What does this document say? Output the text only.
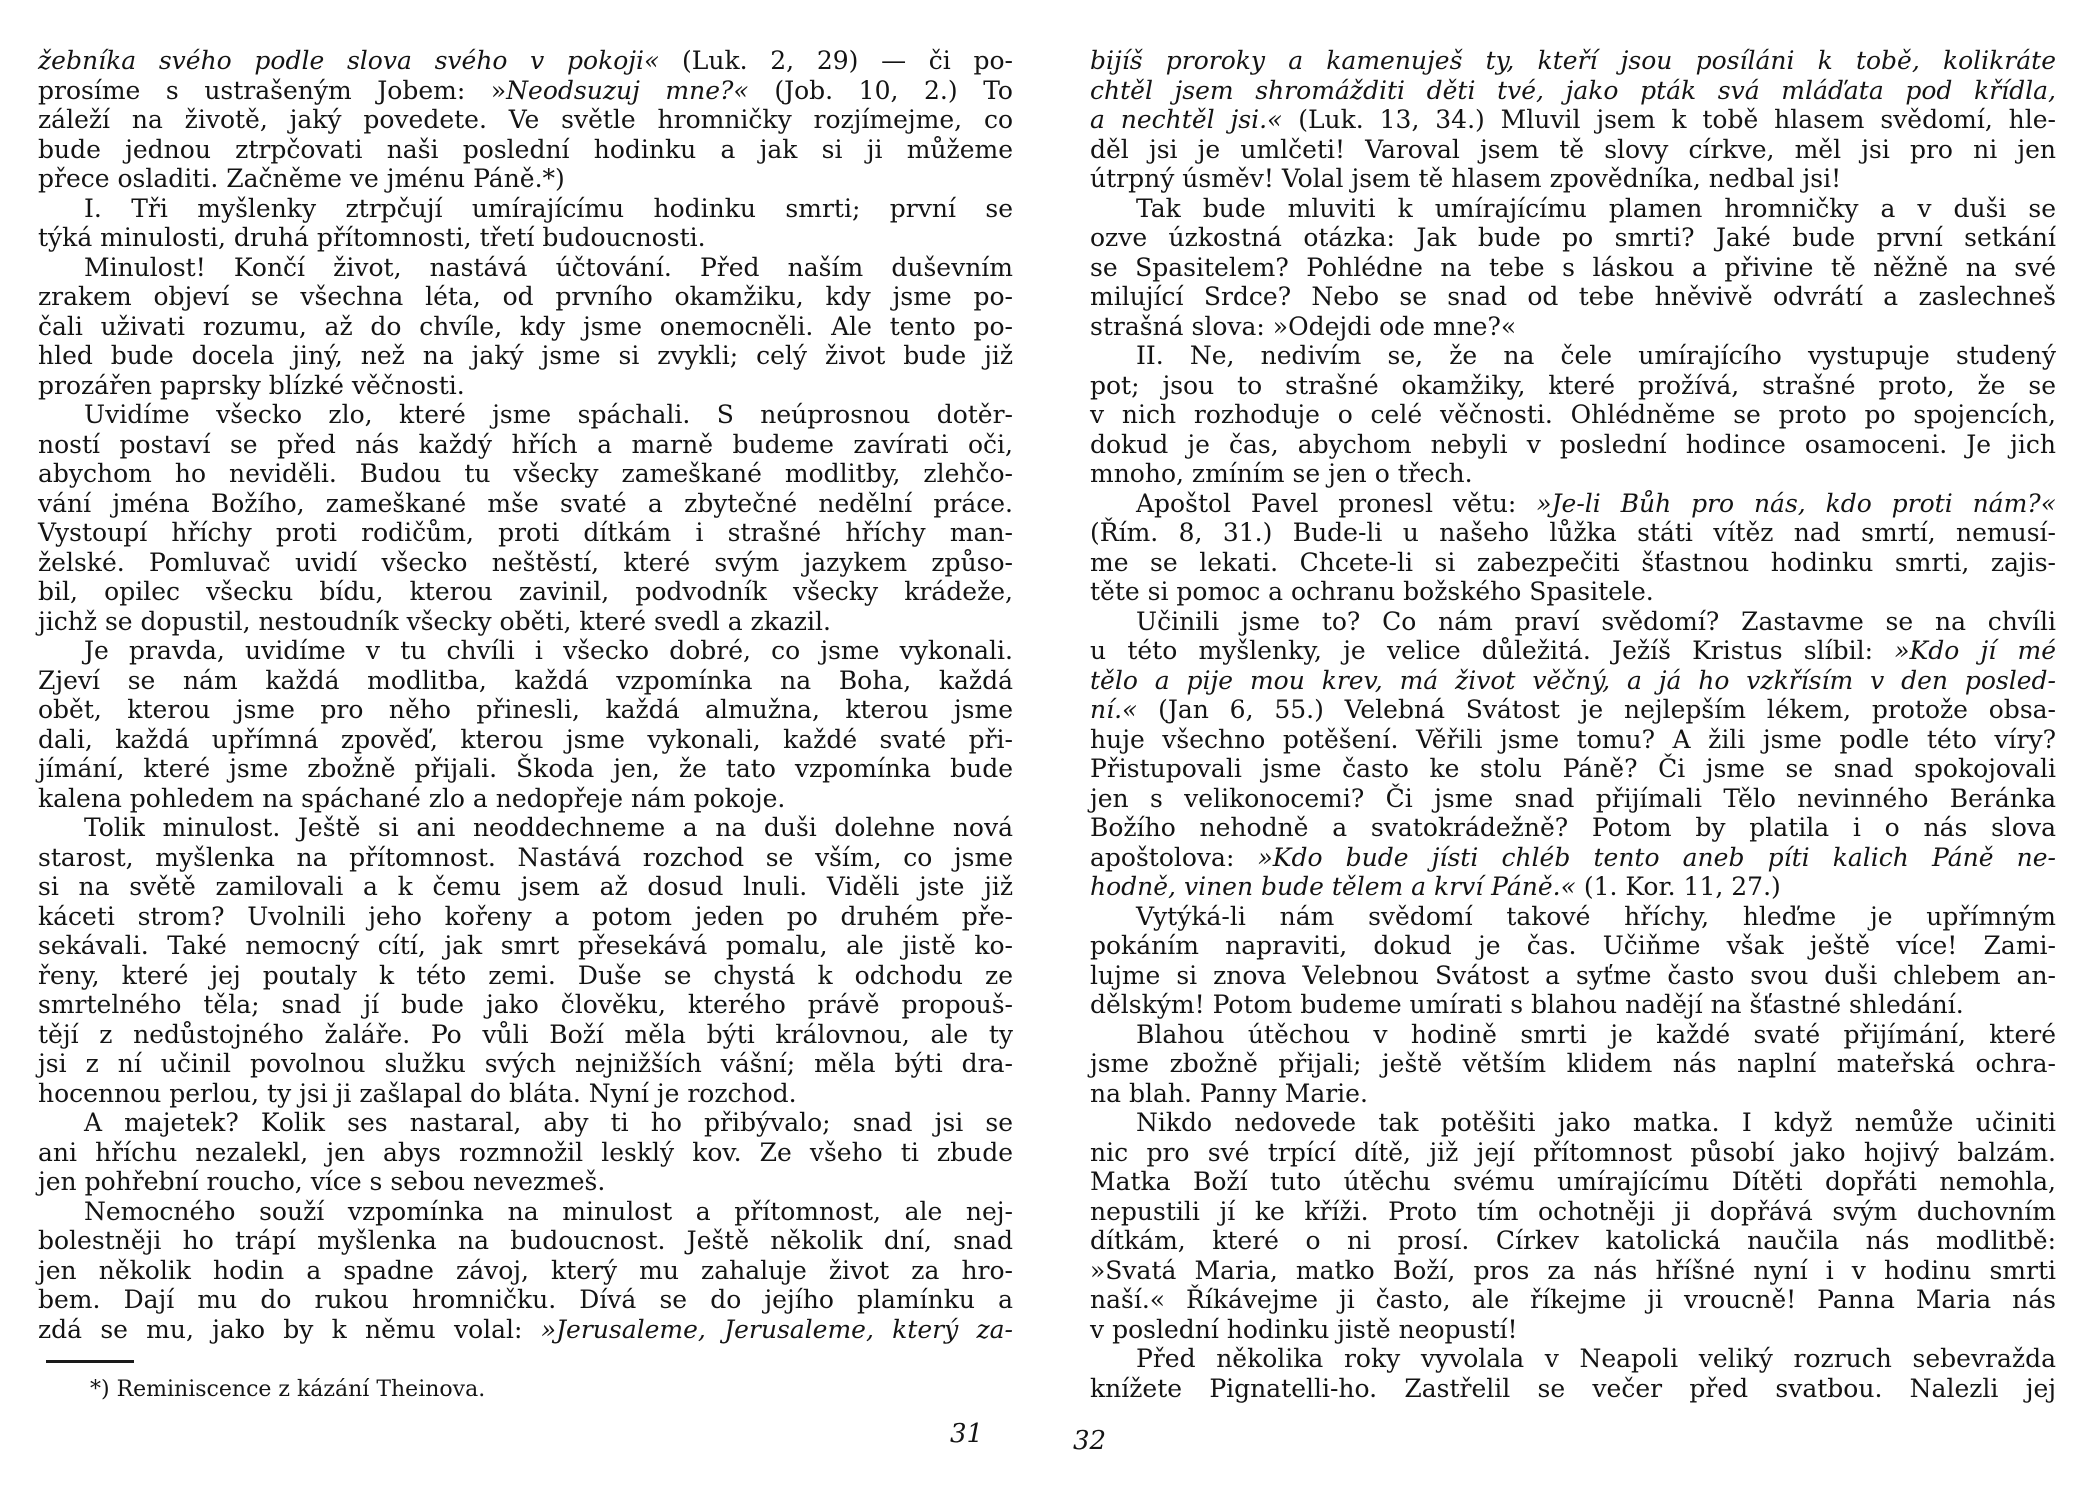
žebníka svého podle slova svého v pokoji« (Luk. 2, 29) — či po-
prosíme s ustrašeným Jobem: »Neodsuzuj mne?« (Job. 10, 2.) To
záleží na životě, jaký povedete. Ve světle hromničky rozjímejme, co
bude jednou ztrpčovati naši poslední hodinku a jak si ji můžeme
přece osladiti. Začněme ve jménu Páně.*)
I. Tři myšlenky ztrpčují umírajícímu hodinku smrti; první se
týká minulosti, druhá přítomnosti, třetí budoucnosti.
Minulost! Končí život, nastává účtování. Před naším duševním
zrakem objeví se všechna léta, od prvního okamžiku, kdy jsme po-
čali uživati rozumu, až do chvíle, kdy jsme onemocněli. Ale tento po-
hled bude docela jiný, než na jaký jsme si zvykli; celý život bude již
prozářen paprsky blízké věčnosti.
Uvidíme všecko zlo, které jsme spáchali. S neúprosnou dotěr-
ností postaví se před nás každý hřích a marně budeme zavírati oči,
abychom ho neviděli. Budou tu všecky zameškané modlitby, zlehčo-
vání jména Božího, zameškané mše svaté a zbytečné nedělní práce.
Vystoupí hříchy proti rodičům, proti dítkám i strašné hříchy man-
želské. Pomluvač uvidí všecko neštěstí, které svým jazykem způso-
bil, opilec všecku bídu, kterou zavinil, podvodník všecky krádeže,
jichž se dopustil, nestoudník všecky oběti, které svedl a zkazil.
Je pravda, uvidíme v tu chvíli i všecko dobré, co jsme vykonali.
Zjeví se nám každá modlitba, každá vzpomínka na Boha, každá
obět, kterou jsme pro něho přinesli, každá almužna, kterou jsme
dali, každá upřímná zpověď, kterou jsme vykonali, každé svaté při-
jímání, které jsme zbožně přijali. Škoda jen, že tato vzpomínka bude
kalena pohledem na spáchané zlo a nedopřeje nám pokoje.
Tolik minulost. Ještě si ani neoddechneme a na duši dolehne nová
starost, myšlenka na přítomnost. Nastává rozchod se vším, co jsme
si na světě zamilovali a k čemu jsem až dosud lnuli. Viděli jste již
káceti strom? Uvolnili jeho kořeny a potom jeden po druhém pře-
sekávali. Také nemocný cítí, jak smrt přesekává pomalu, ale jistě ko-
řeny, které jej poutaly k této zemi. Duše se chystá k odchodu ze
smrtelného těla; snad jí bude jako člověku, kterého právě propouš-
tějí z nedůstojného žaláře. Po vůli Boží měla býti královnou, ale ty
jsi z ní učinil povolnou služku svých nejnižších vášní; měla býti dra-
hocennou perlou, ty jsi ji zašlapal do bláta. Nyní je rozchod.
A majetek? Kolik ses nastaral, aby ti ho přibývalo; snad jsi se
ani hříchu nezalekl, jen abys rozmnožil lesklý kov. Ze všeho ti zbude
jen pohřební roucho, více s sebou nevezmeš.
Nemocného souží vzpomínka na minulost a přítomnost, ale nej-
bolestněji ho trápí myšlenka na budoucnost. Ještě několik dní, snad
jen několik hodin a spadne závoj, který mu zahaluje život za hro-
bem. Dají mu do rukou hromničku. Dívá se do jejího plamínku a
zdá se mu, jako by k němu volal: »Jerusaleme, Jerusaleme, který za-
*) Reminiscence z kázání Theinova.
bijíš proroky a kamenuješ ty, kteří jsou posíláni k tobě, kolikráte
chtěl jsem shromážditi děti tvé, jako pták svá mláďata pod křídla,
a nechtěl jsi.« (Luk. 13, 34.) Mluvil jsem k tobě hlasem svědomí, hle-
děl jsi je umlčeti! Varoval jsem tě slovy církve, měl jsi pro ni jen
útrpný úsměv! Volal jsem tě hlasem zpovědníka, nedbal jsi!
Tak bude mluviti k umírajícímu plamen hromničky a v duši se
ozve úzkostná otázka: Jak bude po smrti? Jaké bude první setkání
se Spasitelem? Pohlédne na tebe s láskou a přivine tě něžně na své
milující Srdce? Nebo se snad od tebe hněvivě odvrátí a zaslechneš
strašná slova: »Odejdi ode mne?«
II. Ne, nedivím se, že na čele umírajícího vystupuje studený
pot; jsou to strašné okamžiky, které prožívá, strašné proto, že se
v nich rozhoduje o celé věčnosti. Ohlédněme se proto po spojencích,
dokud je čas, abychom nebyli v poslední hodince osamoceni. Je jich
mnoho, zmíním se jen o třech.
Apoštol Pavel pronesl větu: »Je-li Bůh pro nás, kdo proti nám?«
(Řím. 8, 31.) Bude-li u našeho lůžka státi vítěz nad smrtí, nemusí-
me se lekati. Chcete-li si zabezpečiti šťastnou hodinku smrti, zajis-
těte si pomoc a ochranu božského Spasitele.
Učinili jsme to? Co nám praví svědomí? Zastavme se na chvíli
u této myšlenky, je velice důležitá. Ježíš Kristus slíbil: »Kdo jí mé
tělo a pije mou krev, má život věčný, a já ho vzkřísím v den posled-
ní.« (Jan 6, 55.) Velebná Svátost je nejlepším lékem, protože obsa-
huje všechno potěšení. Věřili jsme tomu? A žili jsme podle této víry?
Přistupovali jsme často ke stolu Páně? Či jsme se snad spokojovali
jen s velikonocemi? Či jsme snad přijímali Tělo nevinného Beránka
Božího nehodně a svatokrádežně? Potom by platila i o nás slova
apoštolova: »Kdo bude jísti chléb tento aneb píti kalich Páně ne-
hodně, vinen bude tělem a krví Páně.« (1. Kor. 11, 27.)
Vytýká-li nám svědomí takové hříchy, hleďme je upřímným
pokáním napraviti, dokud je čas. Učiňme však ještě více! Zami-
lujme si znova Velebnou Svátost a syťme často svou duši chlebem an-
dělským! Potom budeme umírati s blahou nadějí na šťastné shledání.
Blahou útěchou v hodině smrti je každé svaté přijímání, které
jsme zbožně přijali; ještě větším klidem nás naplní mateřská ochra-
na blah. Panny Marie.
Nikdo nedovede tak potěšiti jako matka. I když nemůže učiniti
nic pro své trpící dítě, již její přítomnost působí jako hojivý balzám.
Matka Boží tuto útěchu svému umírajícímu Dítěti dopřáti nemohla,
nepustili jí ke kříži. Proto tím ochotněji ji dopřává svým duchovním
dítkám, které o ni prosí. Církev katolická naučila nás modlitbě:
»Svatá Maria, matko Boží, pros za nás hříšné nyní i v hodinu smrti
naší.« Říkávejme ji často, ale říkejme ji vroucně! Panna Maria nás
v poslední hodinku jistě neopustí!
Před několika roky vyvolala v Neapoli veliký rozruch sebevražda
knížete Pignatelli-ho. Zastřelil se večer před svatbou. Nalezli jej
31	32
